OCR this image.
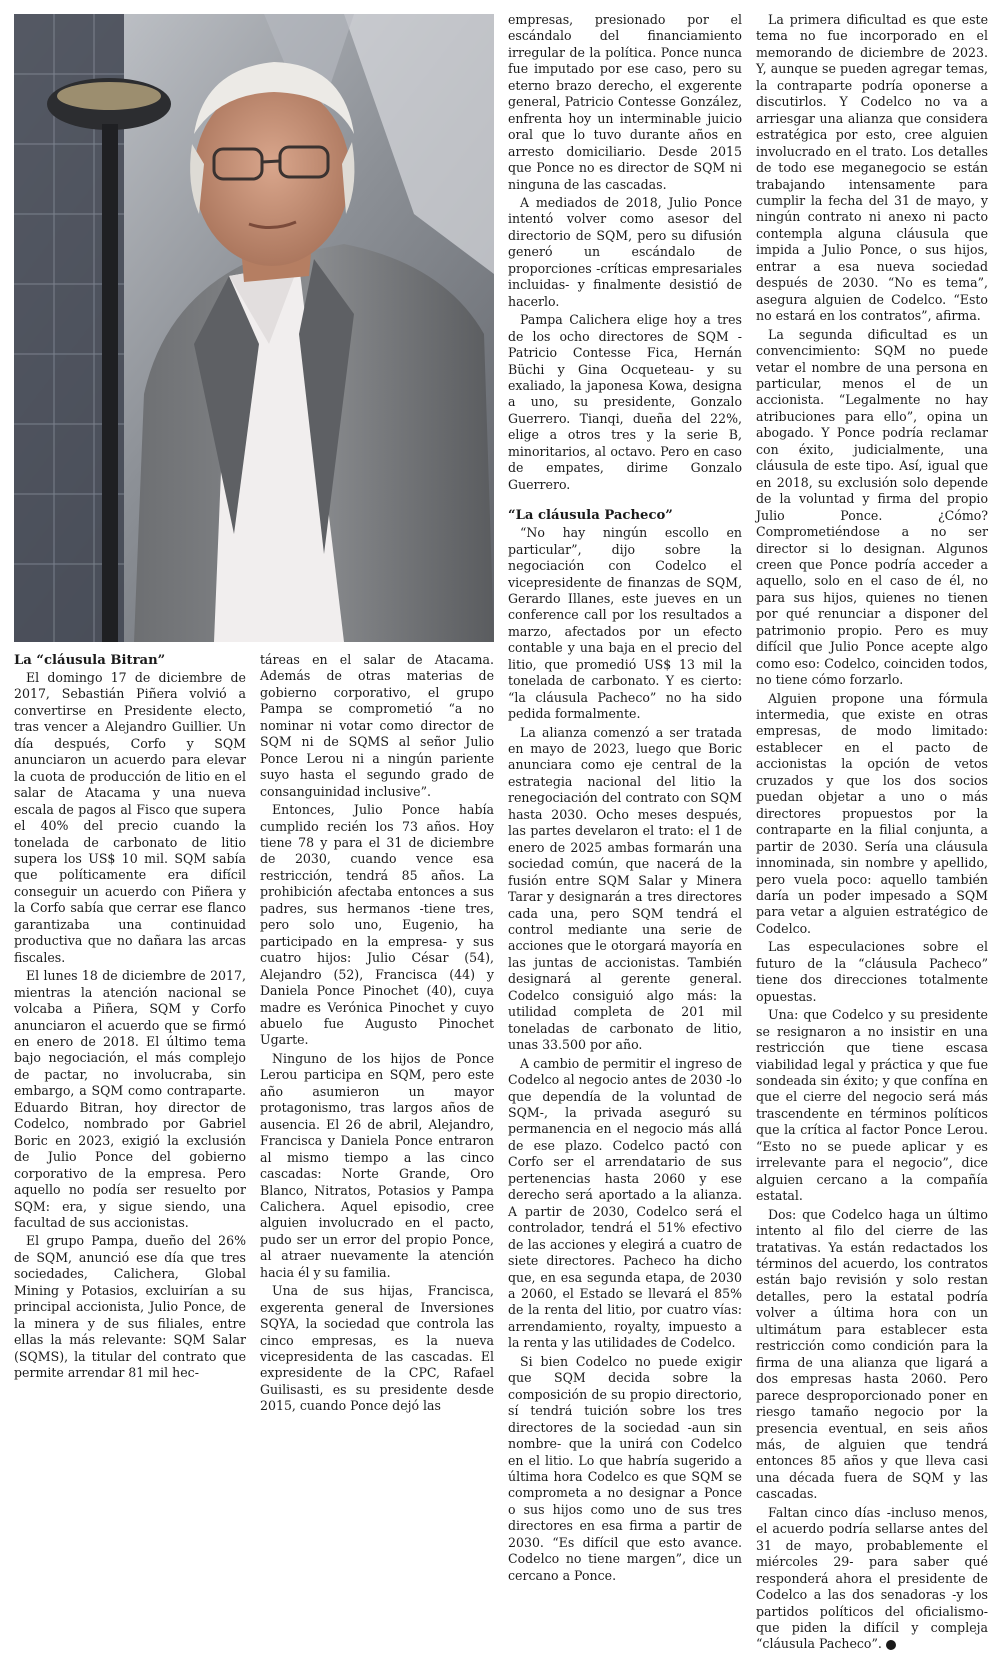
La “cláusula Bitran”

El domingo 17 de diciembre de 2017, Sebastián Piñera volvió a convertirse en Presidente electo, tras vencer a Alejandro Guillier. Un día después, Corfo y SQM anunciaron un acuerdo para elevar la cuota de producción de litio en el salar de Atacama y una nueva escala de pagos al Fisco que supera el 40% del precio cuando la tonelada de carbonato de litio supera los US$ 10 mil. SQM sabía que políticamente era difícil conseguir un acuerdo con Piñera y la Corfo sabía que cerrar ese flanco garantizaba una continuidad productiva que no dañara las arcas fiscales.

El lunes 18 de diciembre de 2017, mientras la atención nacional se volcaba a Piñera, SQM y Corfo anunciaron el acuerdo que se firmó en enero de 2018. El último tema bajo negociación, el más complejo de pactar, no involucraba, sin embargo, a SQM como contraparte. Eduardo Bitran, hoy director de Codelco, nombrado por Gabriel Boric en 2023, exigió la exclusión de Julio Ponce del gobierno corporativo de la empresa. Pero aquello no podía ser resuelto por SQM: era, y sigue siendo, una facultad de sus accionistas.

El grupo Pampa, dueño del 26% de SQM, anunció ese día que tres sociedades, Calichera, Global Mining y Potasios, excluirían a su principal accionista, Julio Ponce, de la minera y de sus filiales, entre ellas la más relevante: SQM Salar (SQMS), la titular del contrato que permite arrendar 81 mil hec-

táreas en el salar de Atacama. Además de otras materias de gobierno corporativo, el grupo Pampa se comprometió “a no nominar ni votar como director de SQM ni de SQMS al señor Julio Ponce Lerou ni a ningún pariente suyo hasta el segundo grado de consanguinidad inclusive”.

Entonces, Julio Ponce había cumplido recién los 73 años. Hoy tiene 78 y para el 31 de diciembre de 2030, cuando vence esa restricción, tendrá 85 años. La prohibición afectaba entonces a sus padres, sus hermanos -tiene tres, pero solo uno, Eugenio, ha participado en la empresa- y sus cuatro hijos: Julio César (54), Alejandro (52), Francisca (44) y Daniela Ponce Pinochet (40), cuya madre es Verónica Pinochet y cuyo abuelo fue Augusto Pinochet Ugarte.

Ninguno de los hijos de Ponce Lerou participa en SQM, pero este año asumieron un mayor protagonismo, tras largos años de ausencia. El 26 de abril, Alejandro, Francisca y Daniela Ponce entraron al mismo tiempo a las cinco cascadas: Norte Grande, Oro Blanco, Nitratos, Potasios y Pampa Calichera. Aquel episodio, cree alguien involucrado en el pacto, pudo ser un error del propio Ponce, al atraer nuevamente la atención hacia él y su familia.

Una de sus hijas, Francisca, exgerenta general de Inversiones SQYA, la sociedad que controla las cinco empresas, es la nueva vicepresidenta de las cascadas. El expresidente de la CPC, Rafael Guilisasti, es su presidente desde 2015, cuando Ponce dejó las

empresas, presionado por el escándalo del financiamiento irregular de la política. Ponce nunca fue imputado por ese caso, pero su eterno brazo derecho, el exgerente general, Patricio Contesse González, enfrenta hoy un interminable juicio oral que lo tuvo durante años en arresto domiciliario. Desde 2015 que Ponce no es director de SQM ni ninguna de las cascadas.

A mediados de 2018, Julio Ponce intentó volver como asesor del directorio de SQM, pero su difusión generó un escándalo de proporciones -críticas empresariales incluidas- y finalmente desistió de hacerlo.

Pampa Calichera elige hoy a tres de los ocho directores de SQM -Patricio Contesse Fica, Hernán Büchi y Gina Ocqueteau- y su exaliado, la japonesa Kowa, designa a uno, su presidente, Gonzalo Guerrero. Tianqi, dueña del 22%, elige a otros tres y la serie B, minoritarios, al octavo. Pero en caso de empates, dirime Gonzalo Guerrero.

“La cláusula Pacheco”

“No hay ningún escollo en particular”, dijo sobre la negociación con Codelco el vicepresidente de finanzas de SQM, Gerardo Illanes, este jueves en un conference call por los resultados a marzo, afectados por un efecto contable y una baja en el precio del litio, que promedió US$ 13 mil la tonelada de carbonato. Y es cierto: “la cláusula Pacheco” no ha sido pedida formalmente.

La alianza comenzó a ser tratada en mayo de 2023, luego que Boric anunciara como eje central de la estrategia nacional del litio la renegociación del contrato con SQM hasta 2030. Ocho meses después, las partes develaron el trato: el 1 de enero de 2025 ambas formarán una sociedad común, que nacerá de la fusión entre SQM Salar y Minera Tarar y designarán a tres directores cada una, pero SQM tendrá el control mediante una serie de acciones que le otorgará mayoría en las juntas de accionistas. También designará al gerente general. Codelco consiguió algo más: la utilidad completa de 201 mil toneladas de carbonato de litio, unas 33.500 por año.

A cambio de permitir el ingreso de Codelco al negocio antes de 2030 -lo que dependía de la voluntad de SQM-, la privada aseguró su permanencia en el negocio más allá de ese plazo. Codelco pactó con Corfo ser el arrendatario de sus pertenencias hasta 2060 y ese derecho será aportado a la alianza. A partir de 2030, Codelco será el controlador, tendrá el 51% efectivo de las acciones y elegirá a cuatro de siete directores. Pacheco ha dicho que, en esa segunda etapa, de 2030 a 2060, el Estado se llevará el 85% de la renta del litio, por cuatro vías: arrendamiento, royalty, impuesto a la renta y las utilidades de Codelco.

Si bien Codelco no puede exigir que SQM decida sobre la composición de su propio directorio, sí tendrá tuición sobre los tres directores de la sociedad -aun sin nombre- que la unirá con Codelco en el litio. Lo que habría sugerido a última hora Codelco es que SQM se comprometa a no designar a Ponce o sus hijos como uno de sus tres directores en esa firma a partir de 2030. “Es difícil que esto avance. Codelco no tiene margen”, dice un cercano a Ponce.

La primera dificultad es que este tema no fue incorporado en el memorando de diciembre de 2023. Y, aunque se pueden agregar temas, la contraparte podría oponerse a discutirlos. Y Codelco no va a arriesgar una alianza que considera estratégica por esto, cree alguien involucrado en el trato. Los detalles de todo ese meganegocio se están trabajando intensamente para cumplir la fecha del 31 de mayo, y ningún contrato ni anexo ni pacto contempla alguna cláusula que impida a Julio Ponce, o sus hijos, entrar a esa nueva sociedad después de 2030. “No es tema”, asegura alguien de Codelco. “Esto no estará en los contratos”, afirma.

La segunda dificultad es un convencimiento: SQM no puede vetar el nombre de una persona en particular, menos el de un accionista. “Legalmente no hay atribuciones para ello”, opina un abogado. Y Ponce podría reclamar con éxito, judicialmente, una cláusula de este tipo. Así, igual que en 2018, su exclusión solo depende de la voluntad y firma del propio Julio Ponce. ¿Cómo? Comprometiéndose a no ser director si lo designan. Algunos creen que Ponce podría acceder a aquello, solo en el caso de él, no para sus hijos, quienes no tienen por qué renunciar a disponer del patrimonio propio. Pero es muy difícil que Julio Ponce acepte algo como eso: Codelco, coinciden todos, no tiene cómo forzarlo.

Alguien propone una fórmula intermedia, que existe en otras empresas, de modo limitado: establecer en el pacto de accionistas la opción de vetos cruzados y que los dos socios puedan objetar a uno o más directores propuestos por la contraparte en la filial conjunta, a partir de 2030. Sería una cláusula innominada, sin nombre y apellido, pero vuela poco: aquello también daría un poder impesado a SQM para vetar a alguien estratégico de Codelco.

Las especulaciones sobre el futuro de la “cláusula Pacheco” tiene dos direcciones totalmente opuestas.

Una: que Codelco y su presidente se resignaron a no insistir en una restricción que tiene escasa viabilidad legal y práctica y que fue sondeada sin éxito; y que confína en que el cierre del negocio será más trascendente en términos políticos que la crítica al factor Ponce Lerou. “Esto no se puede aplicar y es irrelevante para el negocio”, dice alguien cercano a la compañía estatal.

Dos: que Codelco haga un último intento al filo del cierre de las tratativas. Ya están redactados los términos del acuerdo, los contratos están bajo revisión y solo restan detalles, pero la estatal podría volver a última hora con un ultimátum para establecer esta restricción como condición para la firma de una alianza que ligará a dos empresas hasta 2060. Pero parece desproporcionado poner en riesgo tamaño negocio por la presencia eventual, en seis años más, de alguien que tendrá entonces 85 años y que lleva casi una década fuera de SQM y las cascadas.

Faltan cinco días -incluso menos, el acuerdo podría sellarse antes del 31 de mayo, probablemente el miércoles 29- para saber qué responderá ahora el presidente de Codelco a las dos senadoras -y los partidos políticos del oficialismo- que piden la difícil y compleja “cláusula Pacheco”.
